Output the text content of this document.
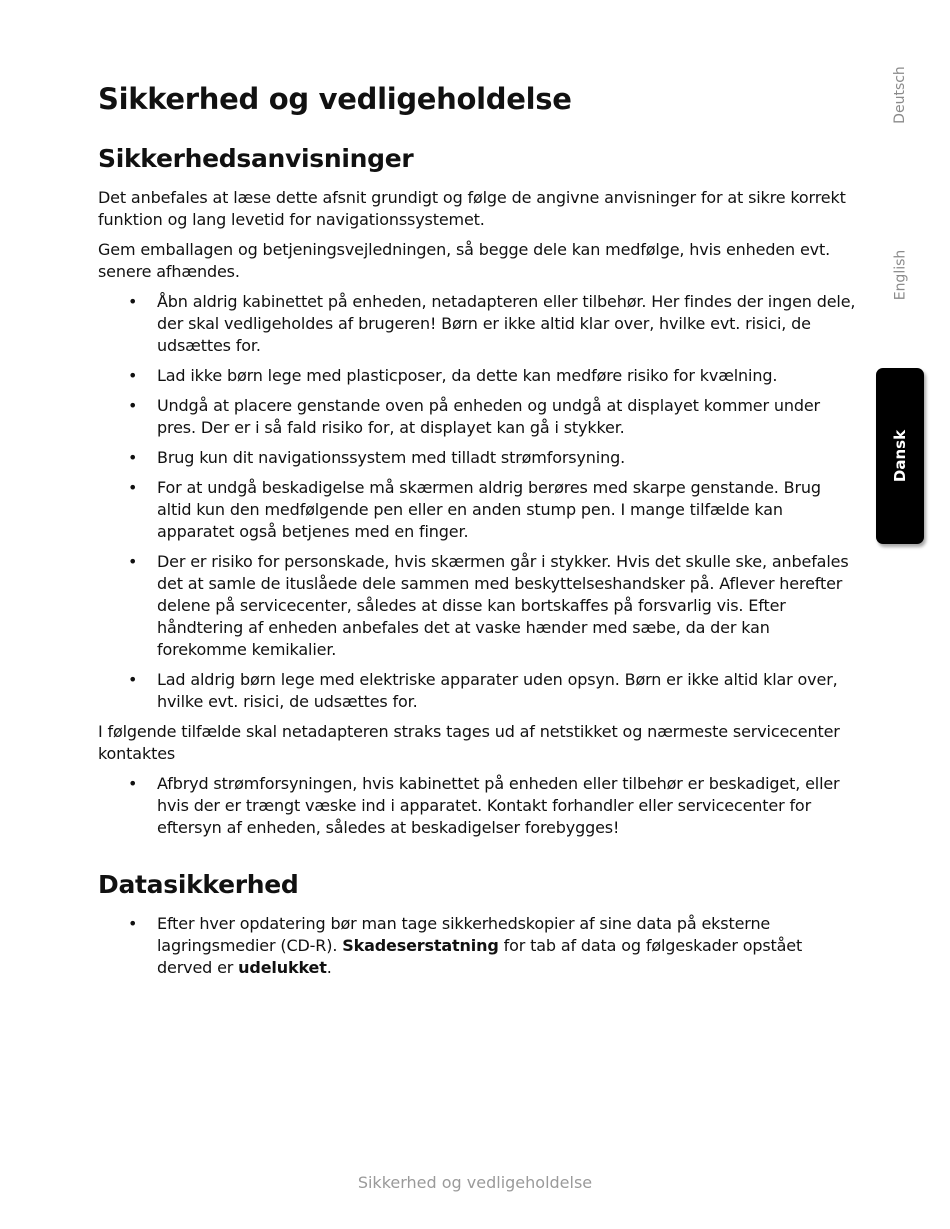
Sikkerhed og vedligeholdelse
Sikkerhedsanvisninger

Det anbefales at læse dette afsnit grundigt og følge de angivne anvisninger for at sikre korrekt funktion og lang levetid for navigationssystemet.

Gem emballagen og betjeningsvejledningen, så begge dele kan medfølge, hvis enheden evt. senere afhændes.

• Åbn aldrig kabinettet på enheden, netadapteren eller tilbehør. Her findes der ingen dele, der skal vedligeholdes af brugeren! Børn er ikke altid klar over, hvilke evt. risici, de udsættes for.
• Lad ikke børn lege med plasticposer, da dette kan medføre risiko for kvælning.
• Undgå at placere genstande oven på enheden og undgå at displayet kommer under pres. Der er i så fald risiko for, at displayet kan gå i stykker.
• Brug kun dit navigationssystem med tilladt strømforsyning.
• For at undgå beskadigelse må skærmen aldrig berøres med skarpe genstande. Brug altid kun den medfølgende pen eller en anden stump pen. I mange tilfælde kan apparatet også betjenes med en finger.
• Der er risiko for personskade, hvis skærmen går i stykker. Hvis det skulle ske, anbefales det at samle de ituslåede dele sammen med beskyttelseshandsker på. Aflever herefter delene på servicecenter, således at disse kan bortskaffes på forsvarlig vis. Efter håndtering af enheden anbefales det at vaske hænder med sæbe, da der kan forekomme kemikalier.
• Lad aldrig børn lege med elektriske apparater uden opsyn. Børn er ikke altid klar over, hvilke evt. risici, de udsættes for.

I følgende tilfælde skal netadapteren straks tages ud af netstikket og nærmeste servicecenter kontaktes

• Afbryd strømforsyningen, hvis kabinettet på enheden eller tilbehør er beskadiget, eller hvis der er trængt væske ind i apparatet. Kontakt forhandler eller servicecenter for eftersyn af enheden, således at beskadigelser forebygges!
Datasikkerhed
• Efter hver opdatering bør man tage sikkerhedskopier af sine data på eksterne lagringsmedier (CD-R). Skadeserstatning for tab af data og følgeskader opstået derved er udelukket.
Deutsch
English
Dansk
Sikkerhed og vedligeholdelse
